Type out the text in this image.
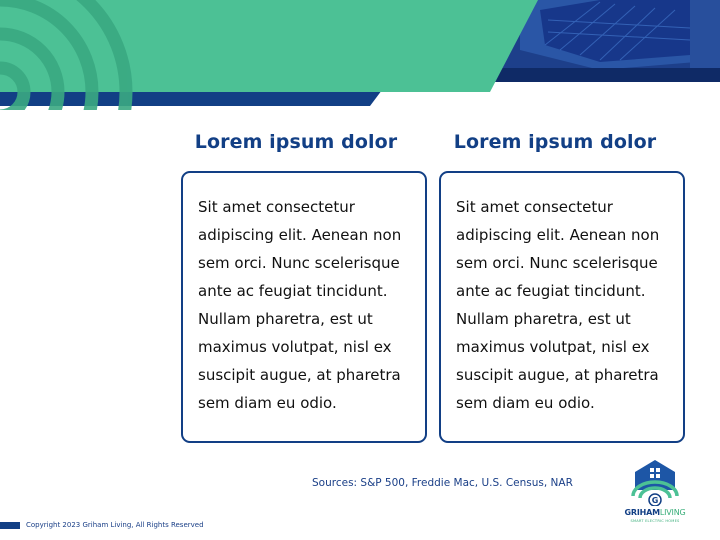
Lorem ipsum dolor	Lorem ipsum dolor

Sit amet consectetur adipiscing elit. Aenean non sem orci. Nunc scelerisque ante ac feugiat tincidunt. Nullam pharetra, est ut maximus volutpat, nisl ex suscipit augue, at pharetra sem diam eu odio.

Sit amet consectetur adipiscing elit. Aenean non sem orci. Nunc scelerisque ante ac feugiat tincidunt. Nullam pharetra, est ut maximus volutpat, nisl ex suscipit augue, at pharetra sem diam eu odio.

Sources: S&P 500, Freddie Mac, U.S. Census, NAR
Copyright 2023 Griham Living, All Rights Reserved
G
GRIHAMLIVING
SMART ELECTRIC HOMES
